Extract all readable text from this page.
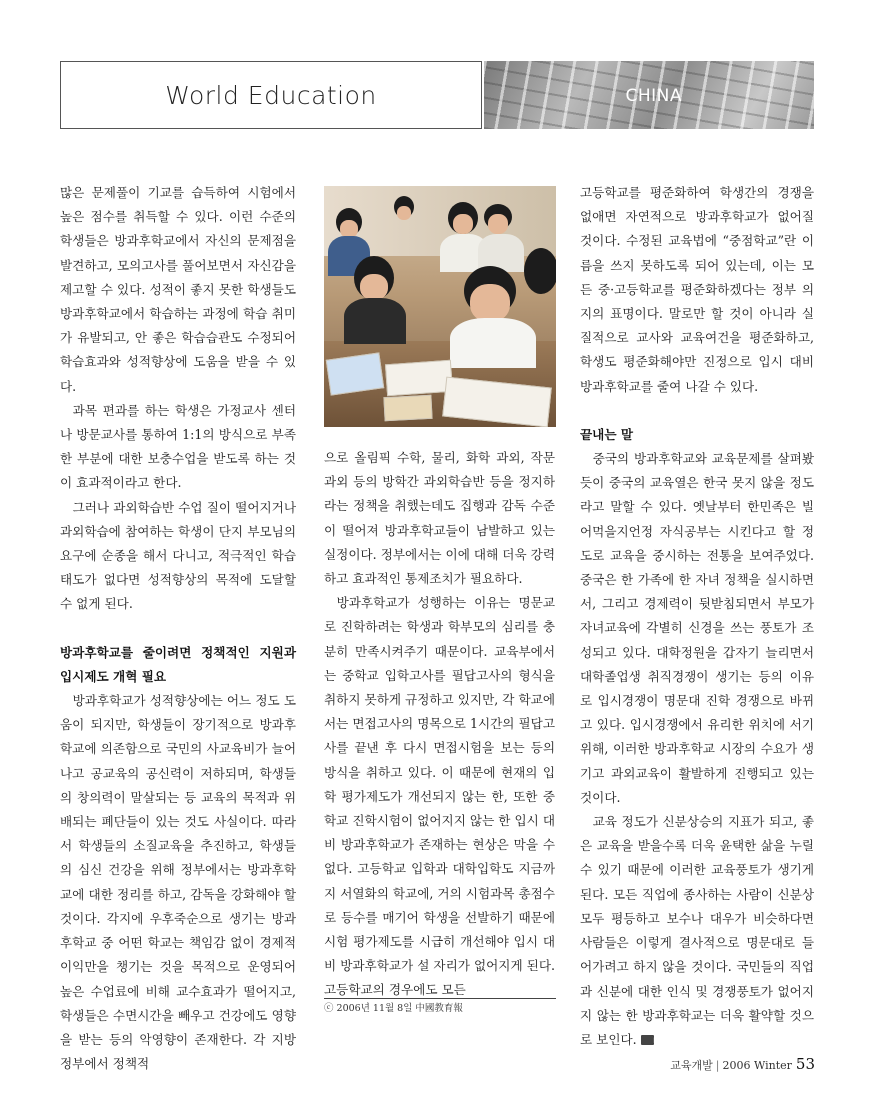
World Education	CHINA

많은 문제풀이 기교를 습득하여 시험에서 높은 점수를 취득할 수 있다. 이런 수준의 학생들은 방과후학교에서 자신의 문제점을 발견하고, 모의고사를 풀어보면서 자신감을 제고할 수 있다. 성적이 좋지 못한 학생들도 방과후학교에서 학습하는 과정에 학습 취미가 유발되고, 안 좋은 학습습관도 수정되어 학습효과와 성적향상에 도움을 받을 수 있다.

과목 편과를 하는 학생은 가정교사 센터나 방문교사를 통하여 1:1의 방식으로 부족한 부분에 대한 보충수업을 받도록 하는 것이 효과적이라고 한다.

그러나 과외학습반 수업 질이 떨어지거나 과외학습에 참여하는 학생이 단지 부모님의 요구에 순종을 해서 다니고, 적극적인 학습 태도가 없다면 성적향상의 목적에 도달할 수 없게 된다.

방과후학교를 줄이려면 정책적인 지원과 입시제도 개혁 필요

방과후학교가 성적향상에는 어느 정도 도움이 되지만, 학생들이 장기적으로 방과후학교에 의존함으로 국민의 사교육비가 늘어나고 공교육의 공신력이 저하되며, 학생들의 창의력이 말살되는 등 교육의 목적과 위배되는 폐단들이 있는 것도 사실이다. 따라서 학생들의 소질교육을 추진하고, 학생들의 심신 건강을 위해 정부에서는 방과후학교에 대한 정리를 하고, 감독을 강화해야 할 것이다. 각지에 우후죽순으로 생기는 방과후학교 중 어떤 학교는 책임감 없이 경제적 이익만을 챙기는 것을 목적으로 운영되어 높은 수업료에 비해 교수효과가 떨어지고, 학생들은 수면시간을 빼우고 건강에도 영향을 받는 등의 악영향이 존재한다. 각 지방 정부에서 정책적

으로 올림픽 수학, 물리, 화학 과외, 작문 과외 등의 방학간 과외학습반 등을 정지하라는 정책을 취했는데도 집행과 감독 수준이 떨어져 방과후학교들이 남발하고 있는 실정이다. 정부에서는 이에 대해 더욱 강력하고 효과적인 통제조치가 필요하다.

방과후학교가 성행하는 이유는 명문교로 진학하려는 학생과 학부모의 심리를 충분히 만족시켜주기 때문이다. 교육부에서는 중학교 입학고사를 필답고사의 형식을 취하지 못하게 규정하고 있지만, 각 학교에서는 면접고사의 명목으로 1시간의 필답고사를 끝낸 후 다시 면접시험을 보는 등의 방식을 취하고 있다. 이 때문에 현재의 입학 평가제도가 개선되지 않는 한, 또한 중학교 진학시험이 없어지지 않는 한 입시 대비 방과후학교가 존재하는 현상은 막을 수 없다. 고등학교 입학과 대학입학도 지금까지 서열화의 학교에, 거의 시험과목 총점수로 등수를 매기어 학생을 선발하기 때문에 시험 평가제도를 시급히 개선해야 입시 대비 방과후학교가 설 자리가 없어지게 된다. 고등학교의 경우에도 모든

ⓒ 2006년 11월 8일 中國教育報

고등학교를 평준화하여 학생간의 경쟁을 없애면 자연적으로 방과후학교가 없어질 것이다. 수정된 교육법에 “중점학교”란 이름을 쓰지 못하도록 되어 있는데, 이는 모든 중·고등학교를 평준화하겠다는 정부 의지의 표명이다. 말로만 할 것이 아니라 실질적으로 교사와 교육여건을 평준화하고, 학생도 평준화해야만 진정으로 입시 대비 방과후학교를 줄여 나갈 수 있다.

끝내는 말

중국의 방과후학교와 교육문제를 살펴봤듯이 중국의 교육열은 한국 못지 않을 정도라고 말할 수 있다. 옛날부터 한민족은 빌어먹을지언정 자식공부는 시킨다고 할 정도로 교육을 중시하는 전통을 보여주었다. 중국은 한 가족에 한 자녀 정책을 실시하면서, 그리고 경제력이 뒷받침되면서 부모가 자녀교육에 각별히 신경을 쓰는 풍토가 조성되고 있다. 대학정원을 갑자기 늘리면서 대학졸업생 취직경쟁이 생기는 등의 이유로 입시경쟁이 명문대 진학 경쟁으로 바뀌고 있다. 입시경쟁에서 유리한 위치에 서기 위해, 이러한 방과후학교 시장의 수요가 생기고 과외교육이 활발하게 진행되고 있는 것이다.

교육 정도가 신분상승의 지표가 되고, 좋은 교육을 받을수록 더욱 윤택한 삶을 누릴 수 있기 때문에 이러한 교육풍토가 생기게 된다. 모든 직업에 종사하는 사람이 신분상 모두 평등하고 보수나 대우가 비슷하다면 사람들은 이렇게 결사적으로 명문대로 들어가려고 하지 않을 것이다. 국민들의 직업과 신분에 대한 인식 및 경쟁풍토가 없어지지 않는 한 방과후학교는 더욱 활약할 것으로 보인다. ■

교육개발 | 2006 Winter 53
